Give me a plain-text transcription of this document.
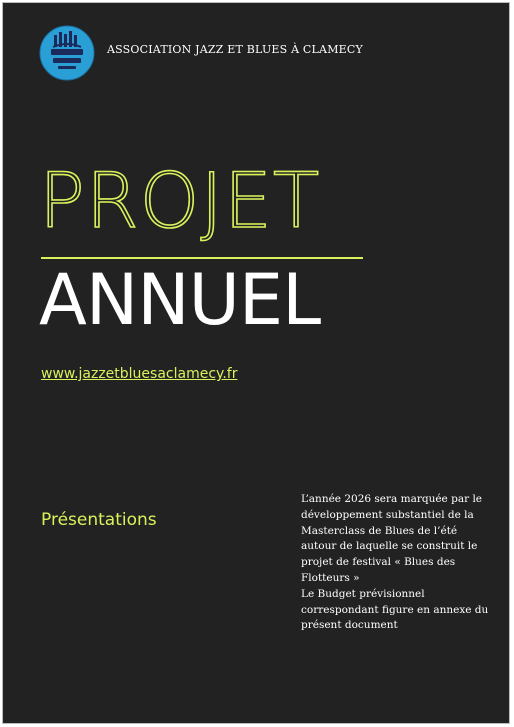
ASSOCIATION JAZZ ET BLUES À CLAMECY
PROJET
ANNUEL
www.jazzetbluesaclamecy.fr
Présentations

L’année 2026 sera marquée par le développement substantiel de la Masterclass de Blues de l’été autour de laquelle se construit le projet de festival « Blues des Flotteurs »

Le Budget prévisionnel correspondant figure en annexe du présent document
